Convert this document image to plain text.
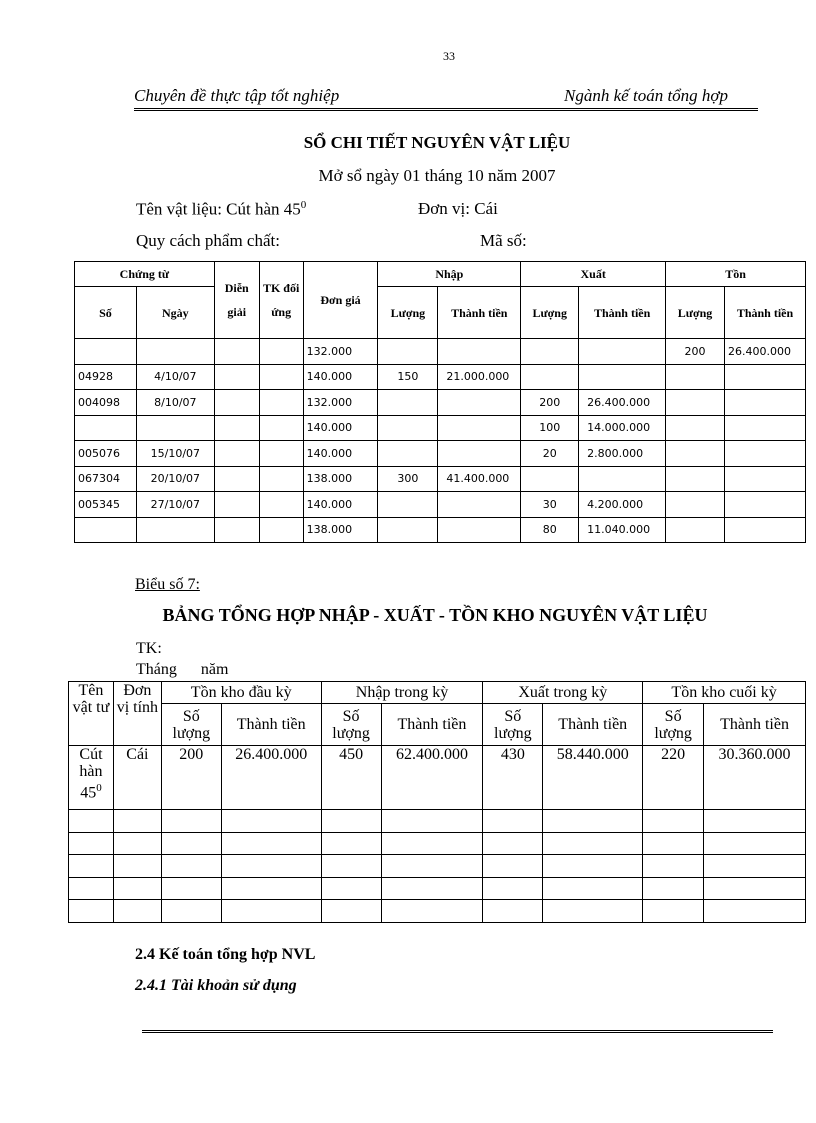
33
Chuyên đề thực tập tốt nghiệp	Ngành kế toán tổng hợp
SỔ CHI TIẾT NGUYÊN VẬT LIỆU
Mở sổ ngày 01 tháng 10 năm 2007
Tên vật liệu: Cút hàn $45^0$	Đơn vị: Cái
Quy cách phẩm chất:	Mã số:
Chứng từ		Diễn giải	TK đối ứng	Đơn giá	Nhập		Xuất		Tồn	
Số	Ngày				Lượng	Thành tiền	Lượng	Thành tiền	Lượng	Thành tiền
				132.000					200	26.400.000
04928	4/10/07			140.000	150	21.000.000				
004098	8/10/07			132.000			200	26.400.000		
				140.000			100	14.000.000		
005076	15/10/07			140.000			20	2.800.000		
067304	20/10/07			138.000	300	41.400.000				
005345	27/10/07			140.000			30	4.200.000		
				138.000			80	11.040.000		
Biểu số 7:
BẢNG TỔNG HỢP NHẬP - XUẤT - TỒN KHO NGUYÊN VẬT LIỆU
TK:
Tháng      năm
Tên vật tư	Đơn vị tính	Tồn kho đầu kỳ		Nhập trong kỳ		Xuất trong kỳ		Tồn kho cuối kỳ	
		Số lượng	Thành tiền	Số lượng	Thành tiền	Số lượng	Thành tiền	Số lượng	Thành tiền
Cút hàn $45^0$	Cái	200	26.400.000	450	62.400.000	430	58.440.000	220	30.360.000

2.4 Kế toán tổng hợp NVL
2.4.1 Tài khoản sử dụng
